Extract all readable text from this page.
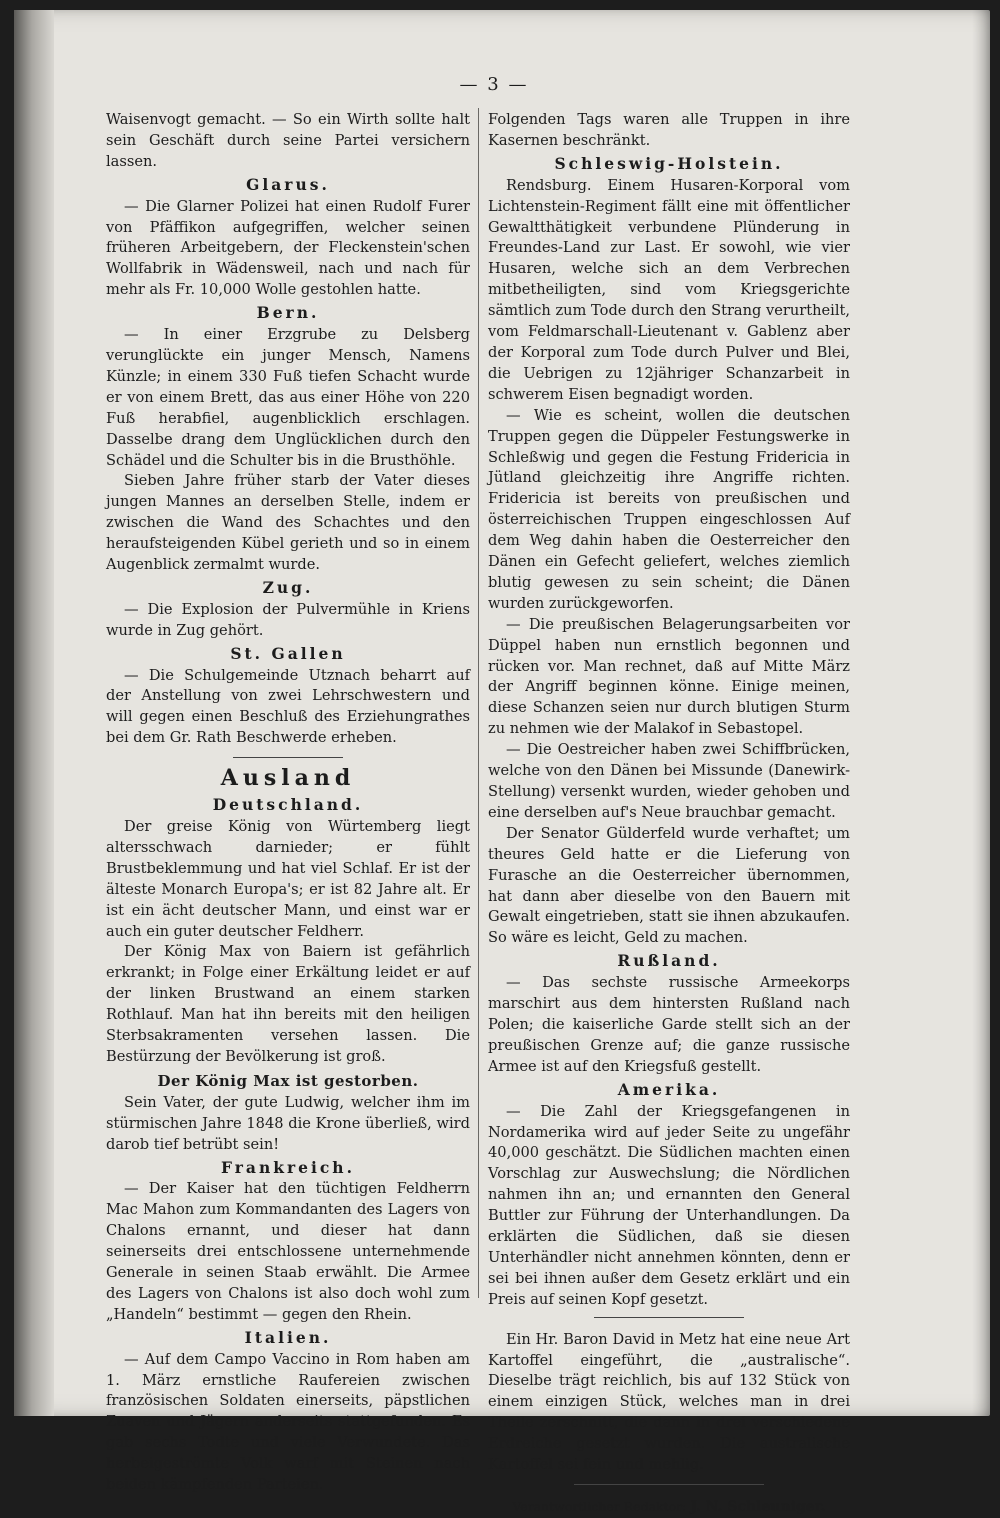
— 3 —

Waisenvogt gemacht. — So ein Wirth sollte halt sein Geschäft durch seine Partei versichern lassen.

Glarus.

— Die Glarner Polizei hat einen Rudolf Furer von Pfäffikon aufgegriffen, welcher seinen früheren Arbeitgebern, der Fleckenstein'schen Wollfabrik in Wädensweil, nach und nach für mehr als Fr. 10,000 Wolle gestohlen hatte.

Bern.

— In einer Erzgrube zu Delsberg verunglückte ein junger Mensch, Namens Künzle; in einem 330 Fuß tiefen Schacht wurde er von einem Brett, das aus einer Höhe von 220 Fuß herabfiel, augenblicklich erschlagen. Dasselbe drang dem Unglücklichen durch den Schädel und die Schulter bis in die Brusthöhle.

Sieben Jahre früher starb der Vater dieses jungen Mannes an derselben Stelle, indem er zwischen die Wand des Schachtes und den heraufsteigenden Kübel gerieth und so in einem Augenblick zermalmt wurde.

Zug.

— Die Explosion der Pulvermühle in Kriens wurde in Zug gehört.

St. Gallen

— Die Schulgemeinde Utznach beharrt auf der Anstellung von zwei Lehrschwestern und will gegen einen Beschluß des Erziehungrathes bei dem Gr. Rath Beschwerde erheben.

Ausland
Deutschland.

Der greise König von Würtemberg liegt altersschwach darnieder; er fühlt Brustbeklemmung und hat viel Schlaf. Er ist der älteste Monarch Europa's; er ist 82 Jahre alt. Er ist ein ächt deutscher Mann, und einst war er auch ein guter deutscher Feldherr.

Der König Max von Baiern ist gefährlich erkrankt; in Folge einer Erkältung leidet er auf der linken Brustwand an einem starken Rothlauf. Man hat ihn bereits mit den heiligen Sterbsakramenten versehen lassen. Die Bestürzung der Bevölkerung ist groß.

Der König Max ist gestorben.

Sein Vater, der gute Ludwig, welcher ihm im stürmischen Jahre 1848 die Krone überließ, wird darob tief betrübt sein!

Frankreich.

— Der Kaiser hat den tüchtigen Feldherrn Mac Mahon zum Kommandanten des Lagers von Chalons ernannt, und dieser hat dann seinerseits drei entschlossene unternehmende Generale in seinen Staab erwählt. Die Armee des Lagers von Chalons ist also doch wohl zum „Handeln“ bestimmt — gegen den Rhein.

Italien.

— Auf dem Campo Vaccino in Rom haben am 1. März ernstliche Raufereien zwischen französischen Soldaten einerseits, päpstlichen Zuaven und Jägern anderseits stattgefunden. Es gab sechs Todte und viele Verwundete. Das herbeigeströmte Volk warf mit Steinen nach beiden kämpfenden Parteien.

Folgenden Tags waren alle Truppen in ihre Kasernen beschränkt.

Schleswig-Holstein.

Rendsburg. Einem Husaren-Korporal vom Lichtenstein-Regiment fällt eine mit öffentlicher Gewaltthätigkeit verbundene Plünderung in Freundes-Land zur Last. Er sowohl, wie vier Husaren, welche sich an dem Verbrechen mitbetheiligten, sind vom Kriegsgerichte sämtlich zum Tode durch den Strang verurtheilt, vom Feldmarschall-Lieutenant v. Gablenz aber der Korporal zum Tode durch Pulver und Blei, die Uebrigen zu 12jähriger Schanzarbeit in schwerem Eisen begnadigt worden.

— Wie es scheint, wollen die deutschen Truppen gegen die Düppeler Festungswerke in Schleßwig und gegen die Festung Fridericia in Jütland gleichzeitig ihre Angriffe richten. Fridericia ist bereits von preußischen und österreichischen Truppen eingeschlossen Auf dem Weg dahin haben die Oesterreicher den Dänen ein Gefecht geliefert, welches ziemlich blutig gewesen zu sein scheint; die Dänen wurden zurückgeworfen.

— Die preußischen Belagerungsarbeiten vor Düppel haben nun ernstlich begonnen und rücken vor. Man rechnet, daß auf Mitte März der Angriff beginnen könne. Einige meinen, diese Schanzen seien nur durch blutigen Sturm zu nehmen wie der Malakof in Sebastopel.

— Die Oestreicher haben zwei Schiffbrücken, welche von den Dänen bei Missunde (Danewirk-Stellung) versenkt wurden, wieder gehoben und eine derselben auf's Neue brauchbar gemacht.

Der Senator Gülderfeld wurde verhaftet; um theures Geld hatte er die Lieferung von Furasche an die Oesterreicher übernommen, hat dann aber dieselbe von den Bauern mit Gewalt eingetrieben, statt sie ihnen abzukaufen. So wäre es leicht, Geld zu machen.

Rußland.

— Das sechste russische Armeekorps marschirt aus dem hintersten Rußland nach Polen; die kaiserliche Garde stellt sich an der preußischen Grenze auf; die ganze russische Armee ist auf den Kriegsfuß gestellt.

Amerika.

— Die Zahl der Kriegsgefangenen in Nordamerika wird auf jeder Seite zu ungefähr 40,000 geschätzt. Die Südlichen machten einen Vorschlag zur Auswechslung; die Nördlichen nahmen ihn an; und ernannten den General Buttler zur Führung der Unterhandlungen. Da erklärten die Südlichen, daß sie diesen Unterhändler nicht annehmen könnten, denn er sei bei ihnen außer dem Gesetz erklärt und ein Preis auf seinen Kopf gesetzt.

Ein Hr. Baron David in Metz hat eine neue Art Kartoffel eingeführt, die „australische“. Dieselbe trägt reichlich, bis auf 132 Stück von einem einzigen Stück, welches man in drei Theile zerschnitt, die dann in drei verschiedene Erdreiche gesetzt wurden. Die australische Kartoffel sei fein und mehlig.

Verantwortlicher Redaktor: J. N. Schleuniger.
